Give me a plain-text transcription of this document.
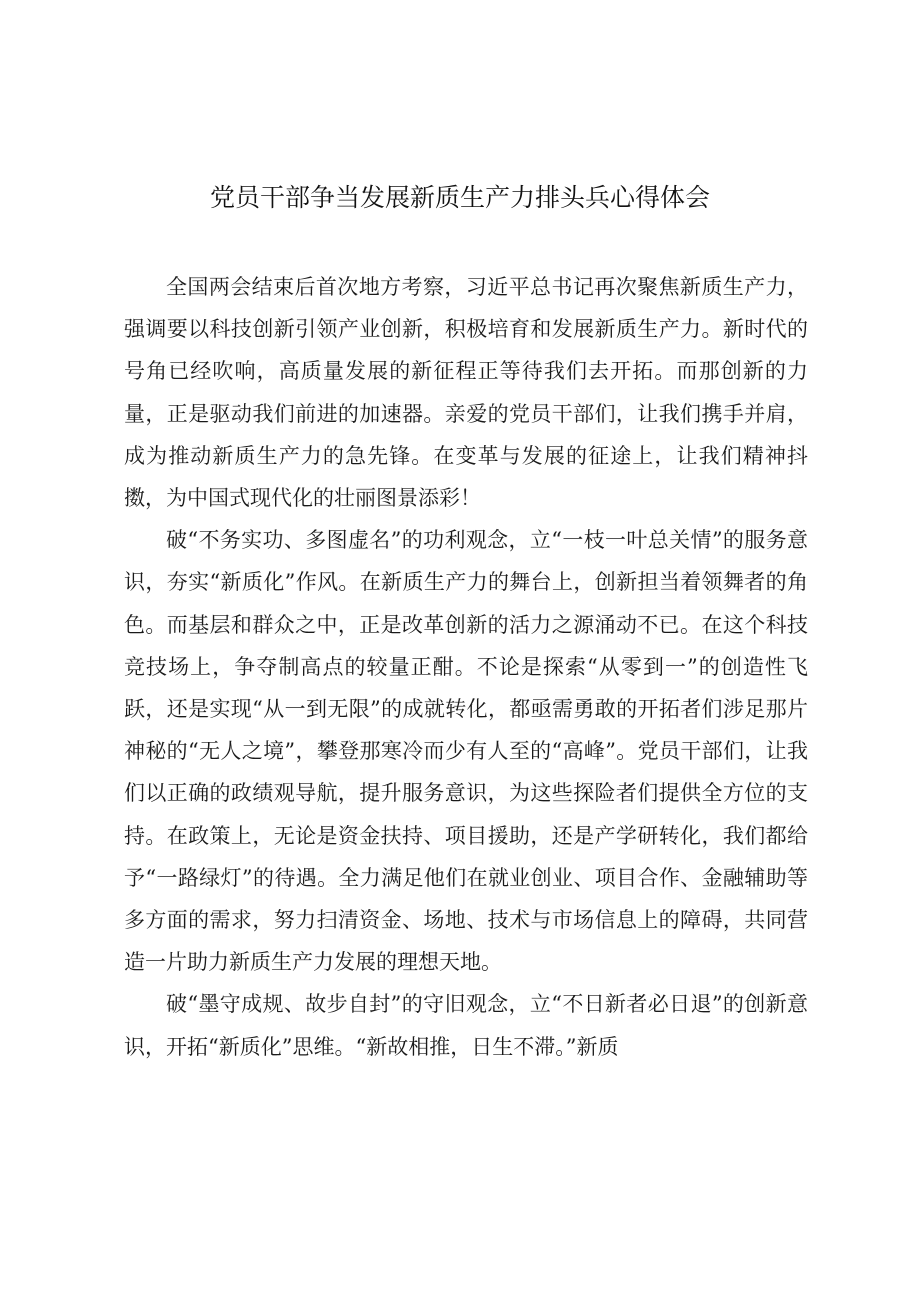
党员干部争当发展新质生产力排头兵心得体会

全国两会结束后首次地方考察，习近平总书记再次聚焦新质生产力，强调要以科技创新引领产业创新，积极培育和发展新质生产力。新时代的号角已经吹响，高质量发展的新征程正等待我们去开拓。而那创新的力量，正是驱动我们前进的加速器。亲爱的党员干部们，让我们携手并肩，成为推动新质生产力的急先锋。在变革与发展的征途上，让我们精神抖擞，为中国式现代化的壮丽图景添彩！

破“不务实功、多图虚名”的功利观念，立“一枝一叶总关情”的服务意识，夯实“新质化”作风。在新质生产力的舞台上，创新担当着领舞者的角色。而基层和群众之中，正是改革创新的活力之源涌动不已。在这个科技竞技场上，争夺制高点的较量正酣。不论是探索“从零到一”的创造性飞跃，还是实现“从一到无限”的成就转化，都亟需勇敢的开拓者们涉足那片神秘的“无人之境”，攀登那寒冷而少有人至的“高峰”。党员干部们，让我们以正确的政绩观导航，提升服务意识，为这些探险者们提供全方位的支持。在政策上，无论是资金扶持、项目援助，还是产学研转化，我们都给予“一路绿灯”的待遇。全力满足他们在就业创业、项目合作、金融辅助等多方面的需求，努力扫清资金、场地、技术与市场信息上的障碍，共同营造一片助力新质生产力发展的理想天地。

破“墨守成规、故步自封”的守旧观念，立“不日新者必日退”的创新意识，开拓“新质化”思维。“新故相推，日生不滞。”新质
